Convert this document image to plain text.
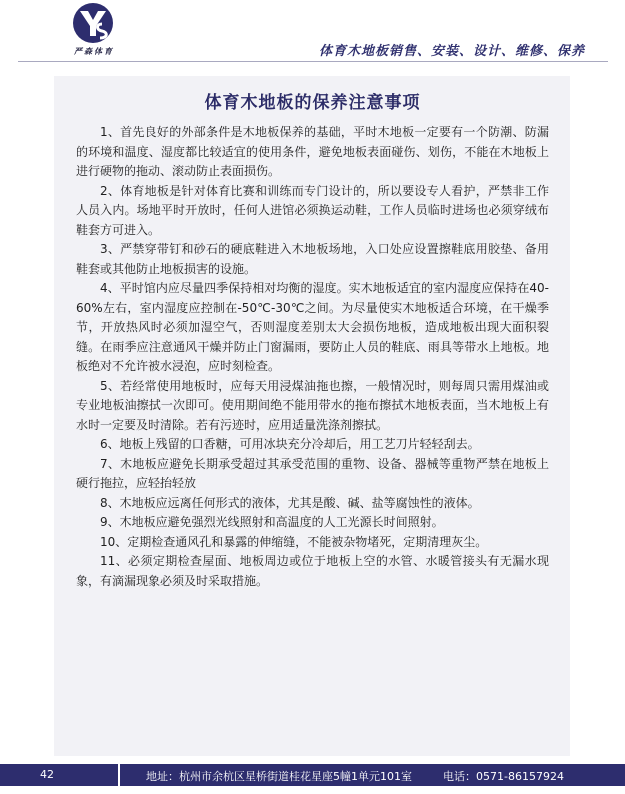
严森体育	体育木地板销售、安装、设计、维修、保养
体育木地板的保养注意事项

1、首先良好的外部条件是木地板保养的基础，平时木地板一定要有一个防潮、防漏的环境和温度、湿度都比较适宜的使用条件，避免地板表面碰伤、划伤，不能在木地板上进行硬物的拖动、滚动防止表面损伤。

2、体育地板是针对体育比赛和训练而专门设计的，所以要设专人看护，严禁非工作人员入内。场地平时开放时，任何人进馆必须换运动鞋，工作人员临时进场也必须穿绒布鞋套方可进入。

3、严禁穿带钉和砂石的硬底鞋进入木地板场地，入口处应设置擦鞋底用胶垫、备用鞋套或其他防止地板损害的设施。

4、平时馆内应尽量四季保持相对均衡的湿度。实木地板适宜的室内湿度应保持在40-60%左右，室内湿度应控制在-50℃-30℃之间。为尽量使实木地板适合环境，在干燥季节，开放热风时必须加湿空气，否则湿度差别太大会损伤地板，造成地板出现大面积裂缝。在雨季应注意通风干燥并防止门窗漏雨，要防止人员的鞋底、雨具等带水上地板。地板绝对不允许被水浸泡，应时刻检查。

5、若经常使用地板时，应每天用浸煤油拖也擦，一般情况时，则每周只需用煤油或专业地板油擦拭一次即可。使用期间绝不能用带水的拖布擦拭木地板表面，当木地板上有水时一定要及时清除。若有污迹时，应用适量洗涤剂擦拭。

6、地板上残留的口香糖，可用冰块充分冷却后，用工艺刀片轻轻刮去。

7、木地板应避免长期承受超过其承受范围的重物、设备、器械等重物严禁在地板上硬行拖拉，应轻抬轻放

8、木地板应远离任何形式的液体，尤其是酸、碱、盐等腐蚀性的液体。

9、木地板应避免强烈光线照射和高温度的人工光源长时间照射。

10、定期检查通风孔和暴露的伸缩缝，不能被杂物堵死，定期清理灰尘。

11、必须定期检查屋面、地板周边或位于地板上空的水管、水暖管接头有无漏水现象，有滴漏现象必须及时采取措施。

42	地址：杭州市余杭区星桥街道桂花星座5幢1单元101室	电话：0571-86157924
